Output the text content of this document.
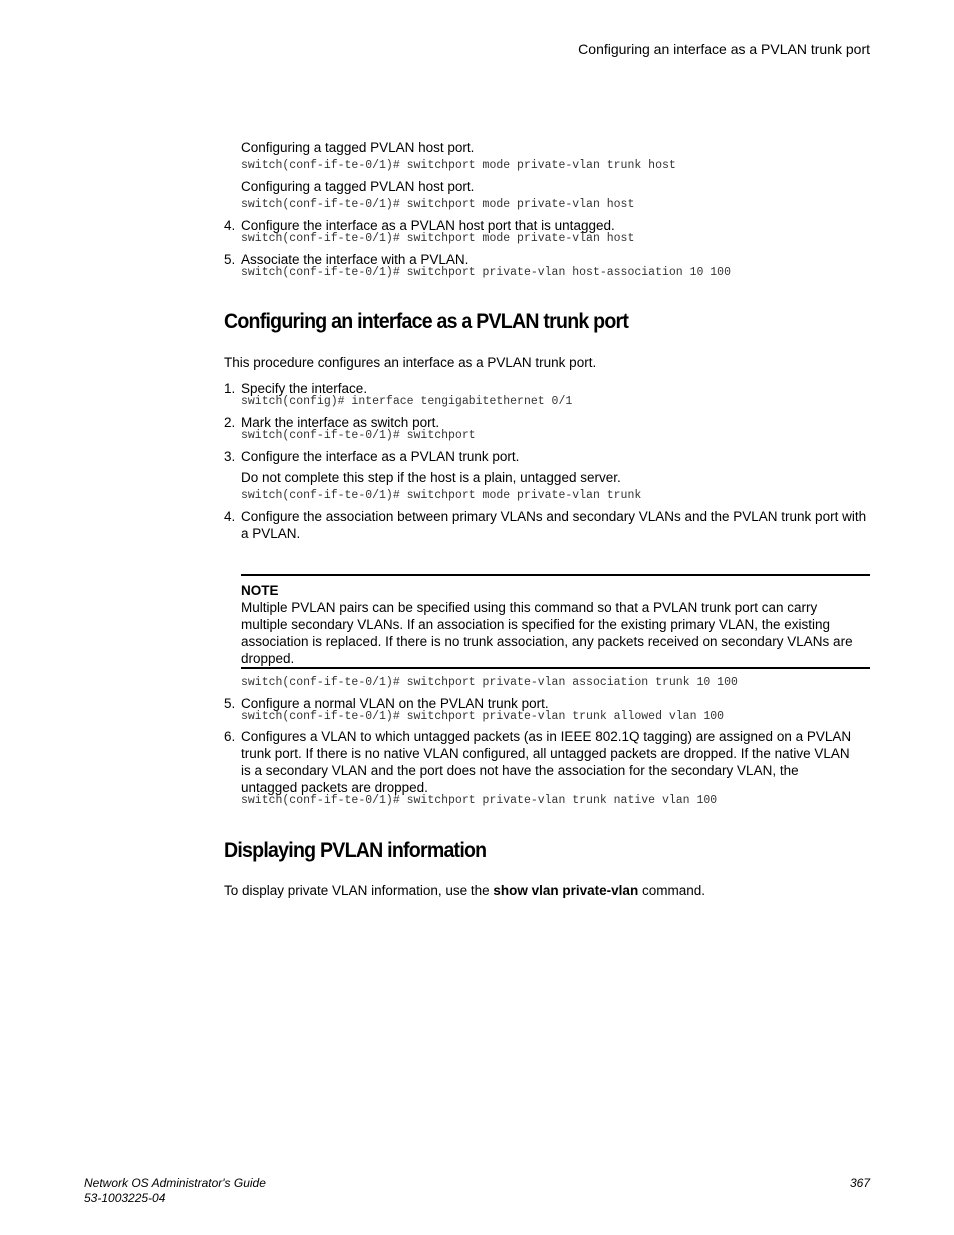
Configuring an interface as a PVLAN trunk port
Configuring a tagged PVLAN host port.
switch(conf-if-te-0/1)# switchport mode private-vlan trunk host
Configuring a tagged PVLAN host port.
switch(conf-if-te-0/1)# switchport mode private-vlan host
4. Configure the interface as a PVLAN host port that is untagged.
switch(conf-if-te-0/1)# switchport mode private-vlan host
5. Associate the interface with a PVLAN.
switch(conf-if-te-0/1)# switchport private-vlan host-association 10 100
Configuring an interface as a PVLAN trunk port
This procedure configures an interface as a PVLAN trunk port.
1. Specify the interface.
switch(config)# interface tengigabitethernet 0/1
2. Mark the interface as switch port.
switch(conf-if-te-0/1)# switchport
3. Configure the interface as a PVLAN trunk port.
Do not complete this step if the host is a plain, untagged server.
switch(conf-if-te-0/1)# switchport mode private-vlan trunk
4. Configure the association between primary VLANs and secondary VLANs and the PVLAN trunk port with a PVLAN.
NOTE
Multiple PVLAN pairs can be specified using this command so that a PVLAN trunk port can carry multiple secondary VLANs. If an association is specified for the existing primary VLAN, the existing association is replaced. If there is no trunk association, any packets received on secondary VLANs are dropped.
switch(conf-if-te-0/1)# switchport private-vlan association trunk 10 100
5. Configure a normal VLAN on the PVLAN trunk port.
switch(conf-if-te-0/1)# switchport private-vlan trunk allowed vlan 100
6. Configures a VLAN to which untagged packets (as in IEEE 802.1Q tagging) are assigned on a PVLAN trunk port. If there is no native VLAN configured, all untagged packets are dropped. If the native VLAN is a secondary VLAN and the port does not have the association for the secondary VLAN, the untagged packets are dropped.
switch(conf-if-te-0/1)# switchport private-vlan trunk native vlan 100
Displaying PVLAN information
To display private VLAN information, use the show vlan private-vlan command.
Network OS Administrator's Guide
53-1003225-04
367
